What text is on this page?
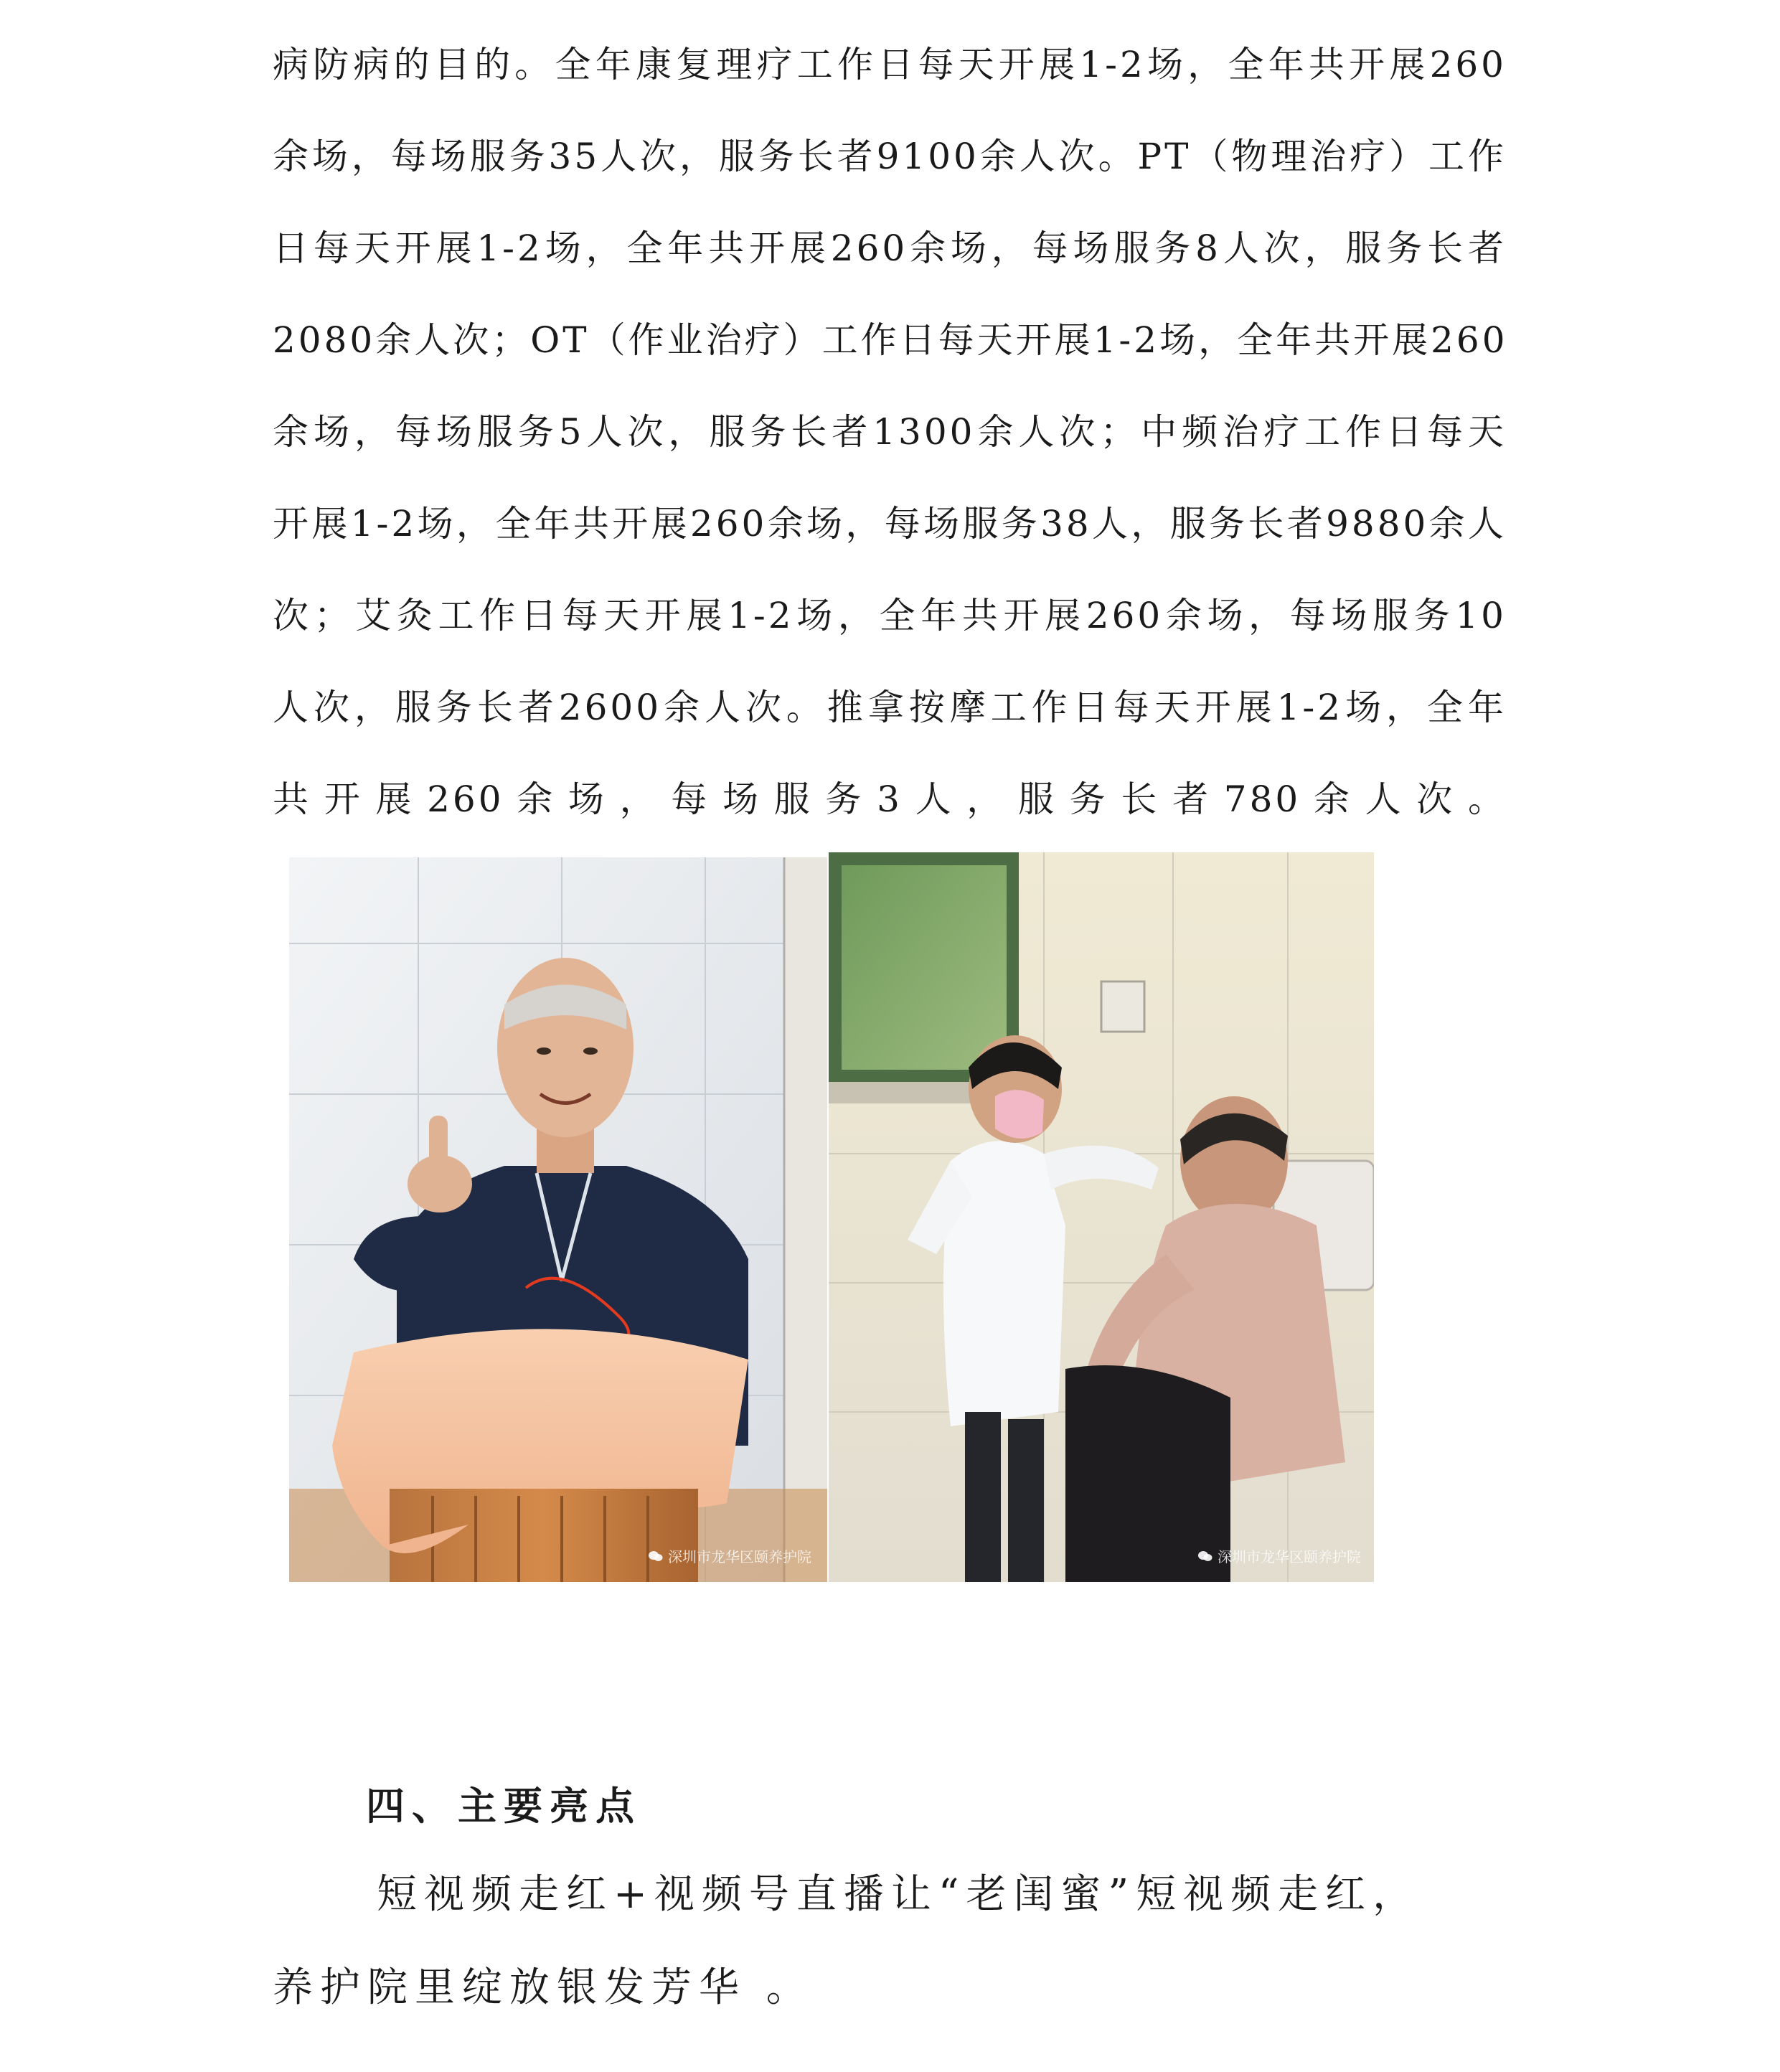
病防病的目的。全年康复理疗工作日每天开展1-2场，全年共开展260
余场，每场服务35人次，服务长者9100余人次。PT（物理治疗）工作
日每天开展1-2场，全年共开展260余场，每场服务8人次，服务长者
2080余人次；OT（作业治疗）工作日每天开展1-2场，全年共开展260
余场，每场服务5人次，服务长者1300余人次；中频治疗工作日每天
开展1-2场，全年共开展260余场，每场服务38人，服务长者9880余人
次；艾灸工作日每天开展1-2场，全年共开展260余场，每场服务10
人次，服务长者2600余人次。推拿按摩工作日每天开展1-2场，全年
共开展260余场，每场服务3人，服务长者780余人次。
深圳市龙华区颐养护院	深圳市龙华区颐养护院
四、主要亮点
短视频走红+视频号直播让“老闺蜜”短视频走红，
养护院里绽放银发芳华 。
